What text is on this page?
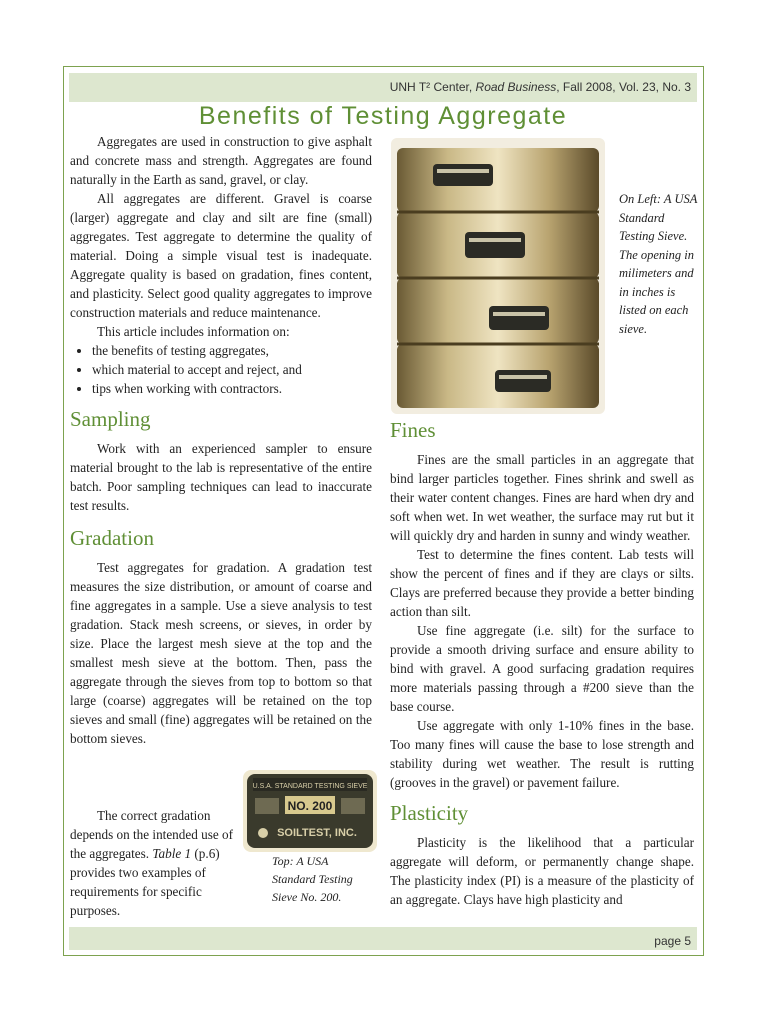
UNH T² Center, Road Business, Fall 2008, Vol. 23, No. 3
Benefits of Testing Aggregate

Aggregates are used in construction to give asphalt and concrete mass and strength. Aggregates are found naturally in the Earth as sand, gravel, or clay.

All aggregates are different. Gravel is coarse (larger) aggregate and clay and silt are fine (small) aggregates. Test aggregate to determine the quality of material. Doing a simple visual test is inadequate. Aggregate quality is based on gradation, fines content, and plasticity. Select good quality aggregates to improve construction materials and reduce maintenance.

This article includes information on:

• the benefits of testing aggregates,
• which material to accept and reject, and
• tips when working with contractors.
Sampling

Work with an experienced sampler to ensure material brought to the lab is representative of the entire batch. Poor sampling techniques can lead to inaccurate test results.

Gradation

Test aggregates for gradation. A gradation test measures the size distribution, or amount of coarse and fine aggregates in a sample. Use a sieve analysis to test gradation. Stack mesh screens, or sieves, in order by size. Place the largest mesh sieve at the top and the smallest mesh sieve at the bottom. Then, pass the aggregate through the sieves from top to bottom so that large (coarse) aggregates will be retained on the top sieves and small (fine) aggregates will be retained on the bottom sieves.

The correct gradation depends on the intended use of the aggregates. Table 1 (p.6) provides two examples of requirements for specific purposes.

On Left: A USA Standard Testing Sieve. The opening in milimeters and in inches is listed on each sieve.
U.S.A. STANDARD TESTING SIEVE
NO. 200
SOILTEST, INC.
Top: A USA Standard Testing Sieve No. 200.
Fines

Fines are the small particles in an aggregate that bind larger particles together. Fines shrink and swell as their water content changes. Fines are hard when dry and soft when wet. In wet weather, the surface may rut but it will quickly dry and harden in sunny and windy weather.

Test to determine the fines content. Lab tests will show the percent of fines and if they are clays or silts. Clays are preferred because they provide a better binding action than silt.

Use fine aggregate (i.e. silt) for the surface to provide a smooth driving surface and ensure ability to bind with gravel. A good surfacing gradation requires more materials passing through a #200 sieve than the base course.

Use aggregate with only 1-10% fines in the base. Too many fines will cause the base to lose strength and stability during wet weather. The result is rutting (grooves in the gravel) or pavement failure.

Plasticity

Plasticity is the likelihood that a particular aggregate will deform, or permanently change shape. The plasticity index (PI) is a measure of the plasticity of an aggregate. Clays have high plasticity and

page 5
